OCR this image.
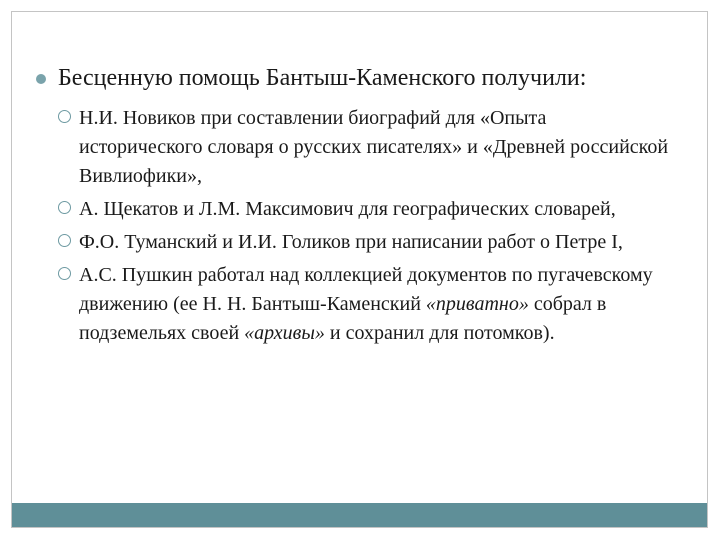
Бесценную помощь Бантыш-Каменского получили:
Н.И. Новиков при составлении биографий для «Опыта исторического словаря о русских писателях» и «Древней российской Вивлиофики»,
А. Щекатов и Л.М. Максимович для географических словарей,
Ф.О. Туманский и И.И. Голиков при написании работ о Петре I,
А.С. Пушкин работал над коллекцией документов по пугачевскому движению (ее Н. Н. Бантыш-Каменский «приватно» собрал в подземельях своей «архивы» и сохранил для потомков).
